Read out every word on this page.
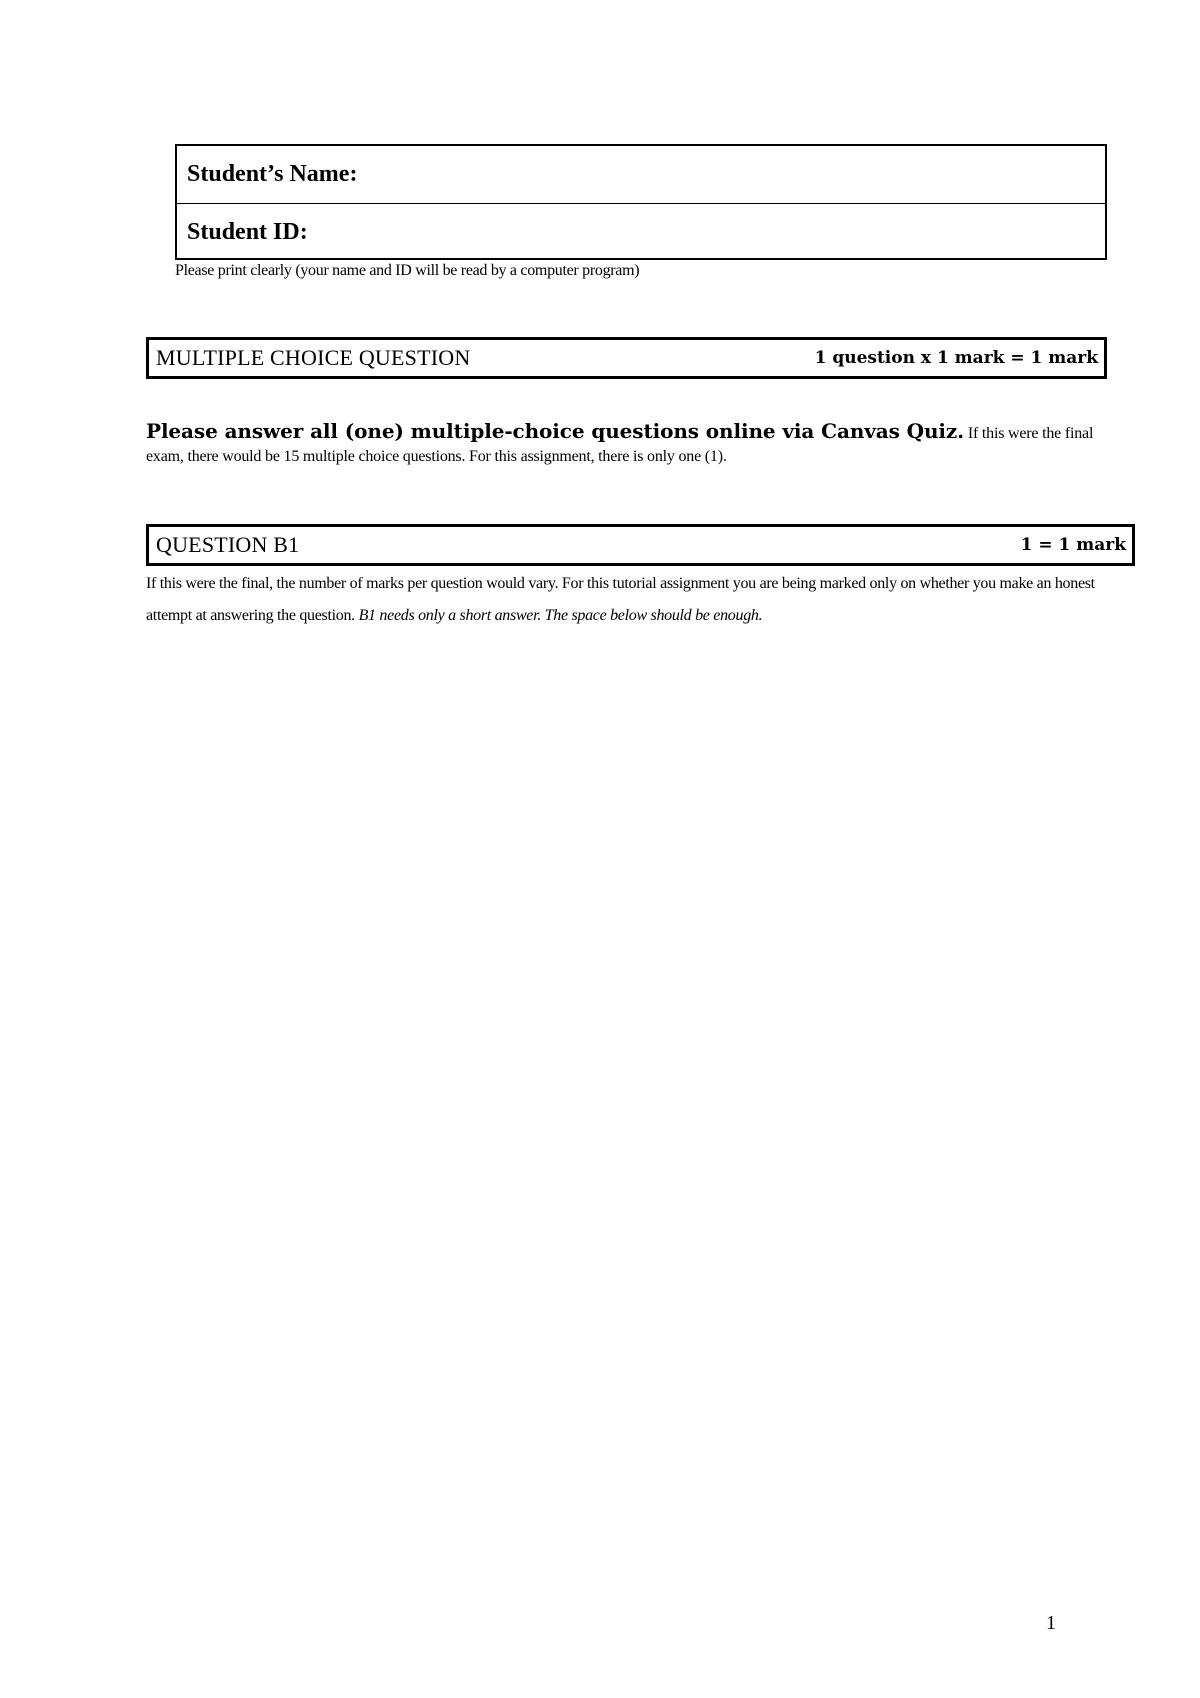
Student’s Name:
Student ID:
Please print clearly (your name and ID will be read by a computer program)
MULTIPLE CHOICE QUESTION	1 question x 1 mark = 1 mark
Please answer all (one) multiple-choice questions online via Canvas Quiz. If this were the final exam, there would be 15 multiple choice questions. For this assignment, there is only one (1).
QUESTION B1	1 = 1 mark
If this were the final, the number of marks per question would vary. For this tutorial assignment you are being marked only on whether you make an honest attempt at answering the question. B1 needs only a short answer. The space below should be enough.
1
